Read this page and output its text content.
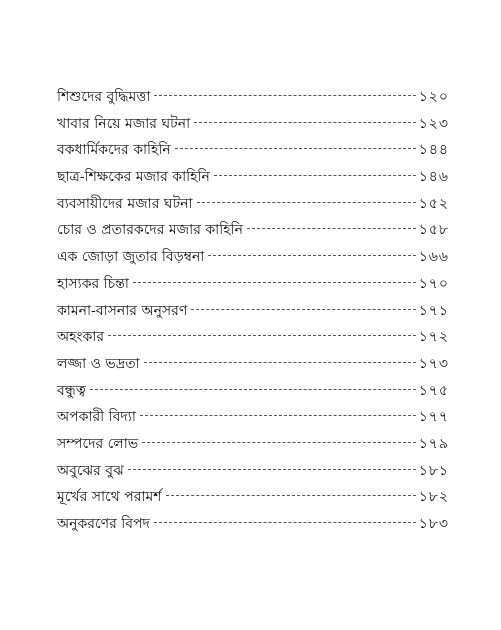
শিশুদের বুদ্ধিমত্তা	১২০
খাবার নিয়ে মজার ঘটনা	১২৩
বকধার্মিকদের কাহিনি	১৪৪
ছাত্র-শিক্ষকের মজার কাহিনি	১৪৬
ব্যবসায়ীদের মজার ঘটনা	১৫২
চোর ও প্রতারকদের মজার কাহিনি	১৫৮
এক জোড়া জুতার বিড়ম্বনা	১৬৬
হাস্যকর চিন্তা	১৭০
কামনা-বাসনার অনুসরণ	১৭১
অহংকার	১৭২
লজ্জা ও ভদ্রতা	১৭৩
বন্ধুত্ব	১৭৫
অপকারী বিদ্যা	১৭৭
সম্পদের লোভ	১৭৯
অবুঝের বুঝ	১৮১
মূর্খের সাথে পরামর্শ	১৮২
অনুকরণের বিপদ	১৮৩
